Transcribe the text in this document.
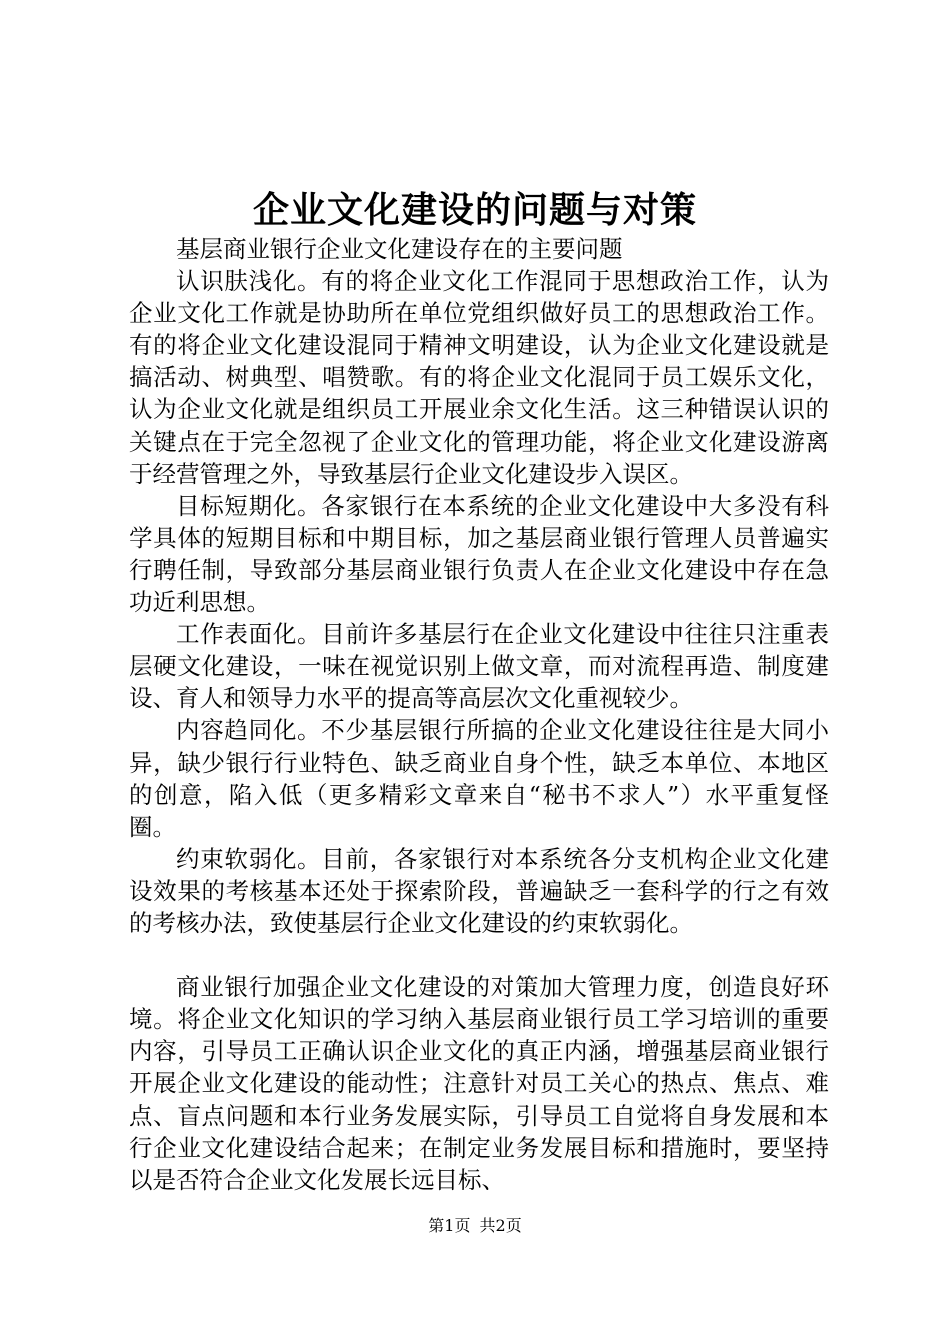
企业文化建设的问题与对策

基层商业银行企业文化建设存在的主要问题

认识肤浅化。有的将企业文化工作混同于思想政治工作，认为企业文化工作就是协助所在单位党组织做好员工的思想政治工作。有的将企业文化建设混同于精神文明建设，认为企业文化建设就是搞活动、树典型、唱赞歌。有的将企业文化混同于员工娱乐文化，认为企业文化就是组织员工开展业余文化生活。这三种错误认识的关键点在于完全忽视了企业文化的管理功能，将企业文化建设游离于经营管理之外，导致基层行企业文化建设步入误区。

目标短期化。各家银行在本系统的企业文化建设中大多没有科学具体的短期目标和中期目标，加之基层商业银行管理人员普遍实行聘任制，导致部分基层商业银行负责人在企业文化建设中存在急功近利思想。

工作表面化。目前许多基层行在企业文化建设中往往只注重表层硬文化建设，一味在视觉识别上做文章，而对流程再造、制度建设、育人和领导力水平的提高等高层次文化重视较少。

内容趋同化。不少基层银行所搞的企业文化建设往往是大同小异，缺少银行行业特色、缺乏商业自身个性，缺乏本单位、本地区的创意，陷入低（更多精彩文章来自“秘书不求人”）水平重复怪圈。

约束软弱化。目前，各家银行对本系统各分支机构企业文化建设效果的考核基本还处于探索阶段，普遍缺乏一套科学的行之有效的考核办法，致使基层行企业文化建设的约束软弱化。

商业银行加强企业文化建设的对策加大管理力度，创造良好环境。将企业文化知识的学习纳入基层商业银行员工学习培训的重要内容，引导员工正确认识企业文化的真正内涵，增强基层商业银行开展企业文化建设的能动性；注意针对员工关心的热点、焦点、难点、盲点问题和本行业务发展实际，引导员工自觉将自身发展和本行企业文化建设结合起来；在制定业务发展目标和措施时，要坚持以是否符合企业文化发展长远目标、

第1页 共2页
